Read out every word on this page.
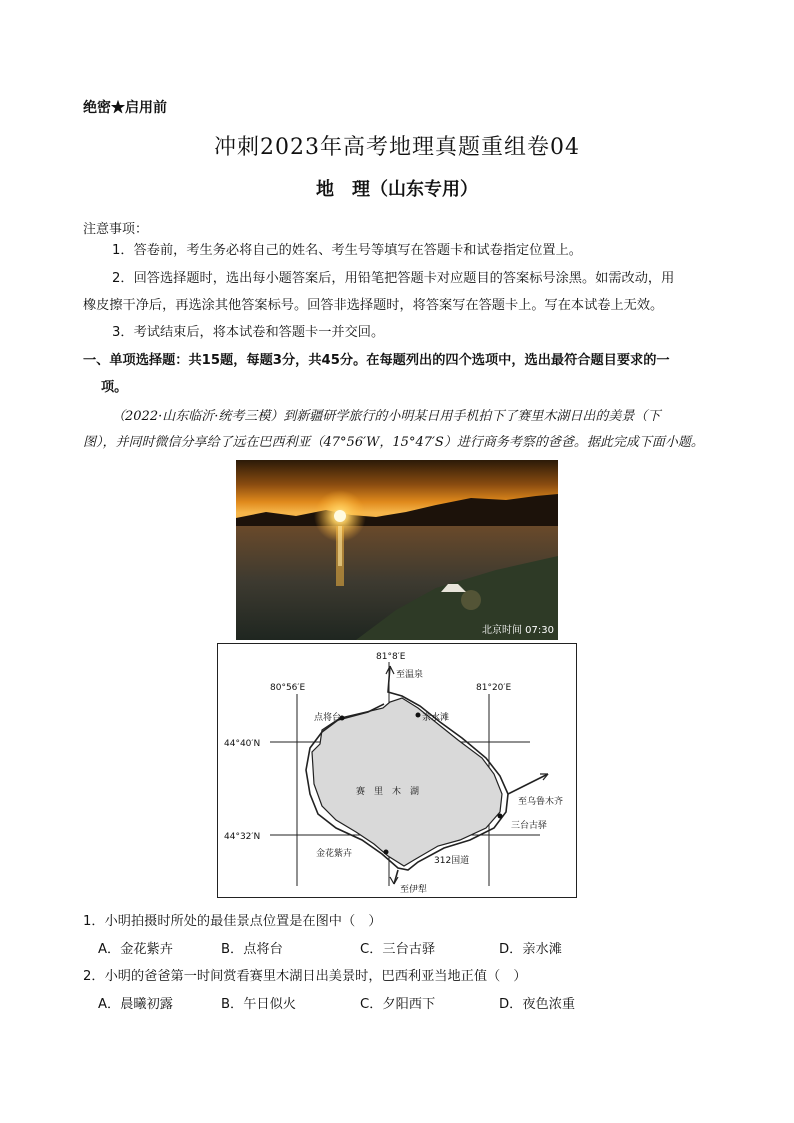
绝密★启用前
冲刺2023年高考地理真题重组卷04
地　理（山东专用）
注意事项：
1．答卷前，考生务必将自己的姓名、考生号等填写在答题卡和试卷指定位置上。
2．回答选择题时，选出每小题答案后，用铅笔把答题卡对应题目的答案标号涂黑。如需改动，用
橡皮擦干净后，再选涂其他答案标号。回答非选择题时，将答案写在答题卡上。写在本试卷上无效。
3．考试结束后，将本试卷和答题卡一并交回。
一、单项选择题：共15题，每题3分，共45分。在每题列出的四个选项中，选出最符合题目要求的一
项。
（2022·山东临沂·统考三模）到新疆研学旅行的小明某日用手机拍下了赛里木湖日出的美景（下
图），并同时微信分享给了远在巴西利亚（47°56′W，15°47′S）进行商务考察的爸爸。据此完成下面小题。
北京时间 07:30
81°8′E
80°56′E	81°20′E
44°40′N
44°32′N
至温泉
点将台	亲水滩
赛　里　木　湖
至乌鲁木齐
三台古驿
金花紫卉
312国道
至伊犁
1．小明拍摄时所处的最佳景点位置是在图中（　）
A．金花紫卉	B．点将台	C．三台古驿	D．亲水滩
2．小明的爸爸第一时间赏看赛里木湖日出美景时，巴西利亚当地正值（　）
A．晨曦初露	B．午日似火	C．夕阳西下	D．夜色浓重
